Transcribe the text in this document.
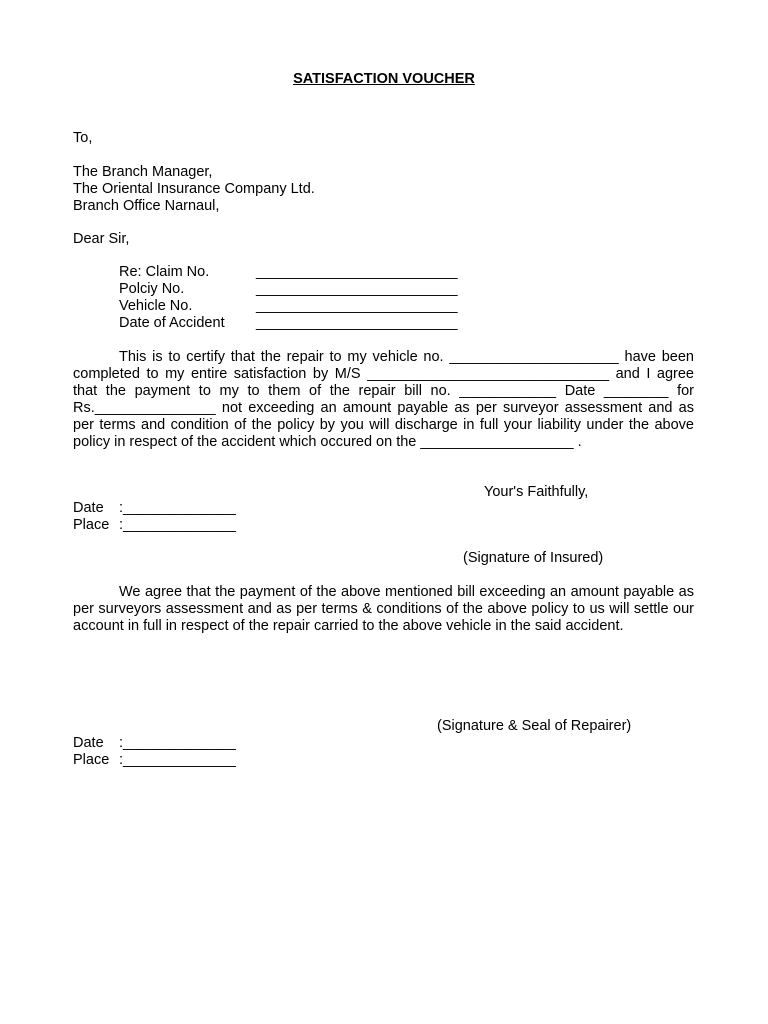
SATISFACTION VOUCHER
To,
The Branch Manager,
The Oriental Insurance Company Ltd.
Branch Office Narnaul,
Dear Sir,
Re: Claim No.	_________________________
Polciy No.	_________________________
Vehicle No.	_________________________
Date of Accident	_________________________
This is to certify that the repair to my vehicle no. _____________________ have been completed to my entire satisfaction by M/S ______________________________ and I agree that the payment to my to them of the repair bill no. ____________ Date ________ for Rs._______________ not exceeding an amount payable as per surveyor assessment and as per terms and condition of the policy by you will discharge in full your liability under the above policy in respect of the accident which occured on the ___________________ .
Your's Faithfully,
Date	:______________
Place	:______________
(Signature of Insured)
We agree that the payment of the above mentioned bill exceeding an amount payable as per surveyors assessment and as per terms & conditions of the above policy to us will settle our account in full in respect of the repair carried to the above vehicle in the said accident.
(Signature & Seal of Repairer)
Date	:______________
Place	:______________
